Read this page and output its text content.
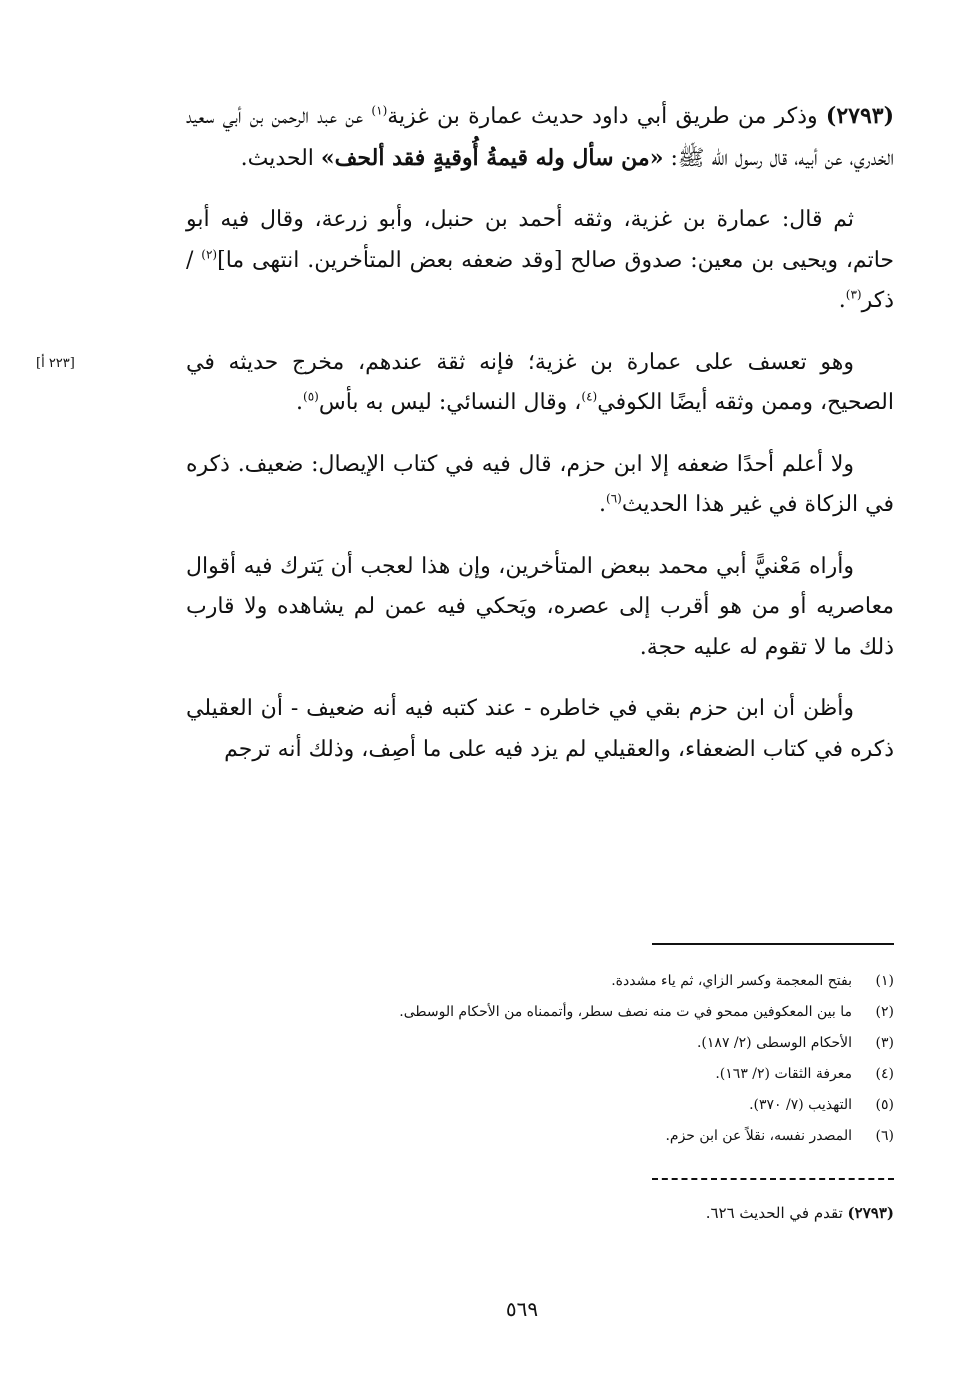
[٢٢٣ أ]

(٢٧٩٣) وذكر من طريق أبي داود حديث عمارة بن غزية$^{(١)}$ عن عبد الرحمن بن أبي سعيد الخدري، عن أبيه، قال رسول الله ﷺ: «من سأل وله قيمةُ أُوقيةٍ فقد ألحف» الحديث.

ثم قال: عمارة بن غزية، وثقه أحمد بن حنبل، وأبو زرعة، وقال فيه أبو حاتم، ويحيى بن معين: صدوق صالح [وقد ضعفه بعض المتأخرين. انتهى ما]$^{(٢)}$ / ذكر$^{(٣)}$.

وهو تعسف على عمارة بن غزية؛ فإنه ثقة عندهم، مخرج حديثه في الصحيح، وممن وثقه أيضًا الكوفي$^{(٤)}$، وقال النسائي: ليس به بأس$^{(٥)}$.

ولا أعلم أحدًا ضعفه إلا ابن حزم، قال فيه في كتاب الإيصال: ضعيف. ذكره في الزكاة في غير هذا الحديث$^{(٦)}$.

وأراه مَعْنيًّ أبي محمد ببعض المتأخرين، وإن هذا لعجب أن يَترك فيه أقوال معاصريه أو من هو أقرب إلى عصره، ويَحكي فيه عمن لم يشاهده ولا قارب ذلك ما لا تقوم له عليه حجة.

وأظن أن ابن حزم بقي في خاطره - عند كتبه فيه أنه ضعيف - أن العقيلي ذكره في كتاب الضعفاء، والعقيلي لم يزد فيه على ما أصِف، وذلك أنه ترجم

(١)
بفتح المعجمة وكسر الزاي، ثم ياء مشددة.
(٢)
ما بين المعكوفين ممحو في ت منه نصف سطر، وأتممناه من الأحكام الوسطى.
(٣)
الأحكام الوسطى (٢/ ١٨٧).
(٤)
معرفة الثقات (٢/ ١٦٣).
(٥)
التهذيب (٧/ ٣٧٠).
(٦)
المصدر نفسه، نقلاً عن ابن حزم.
(٢٧٩٣) تقدم في الحديث ٦٢٦.
٥٦٩
